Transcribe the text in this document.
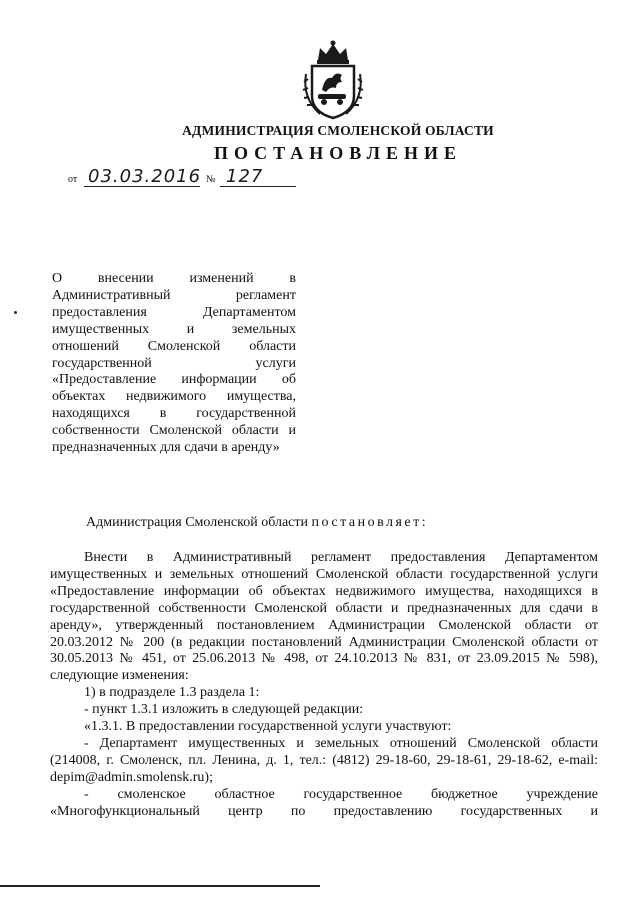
АДМИНИСТРАЦИЯ СМОЛЕНСКОЙ ОБЛАСТИ
ПОСТАНОВЛЕНИЕ
от 03.03.2016 № 127
О внесении изменений в Административный регламент предоставления Департаментом имущественных и земельных отношений Смоленской области государственной услуги «Предоставление информации об объектах недвижимого имущества, находящихся в государственной собственности Смоленской области и предназначенных для сдачи в аренду»
Администрация Смоленской области постановляет:

Внести в Административный регламент предоставления Департаментом имущественных и земельных отношений Смоленской области государственной услуги «Предоставление информации об объектах недвижимого имущества, находящихся в государственной собственности Смоленской области и предназначенных для сдачи в аренду», утвержденный постановлением Администрации Смоленской области от 20.03.2012 № 200 (в редакции постановлений Администрации Смоленской области от 30.05.2013 № 451, от 25.06.2013 № 498, от 24.10.2013 № 831, от 23.09.2015 № 598), следующие изменения:

1) в подразделе 1.3 раздела 1:

- пункт 1.3.1 изложить в следующей редакции:

«1.3.1. В предоставлении государственной услуги участвуют:

- Департамент имущественных и земельных отношений Смоленской области (214008, г. Смоленск, пл. Ленина, д. 1, тел.: (4812) 29-18-60, 29-18-61, 29-18-62, e-mail: depim@admin.smolensk.ru);

- смоленское областное государственное бюджетное учреждение «Многофункциональный центр по предоставлению государственных и
